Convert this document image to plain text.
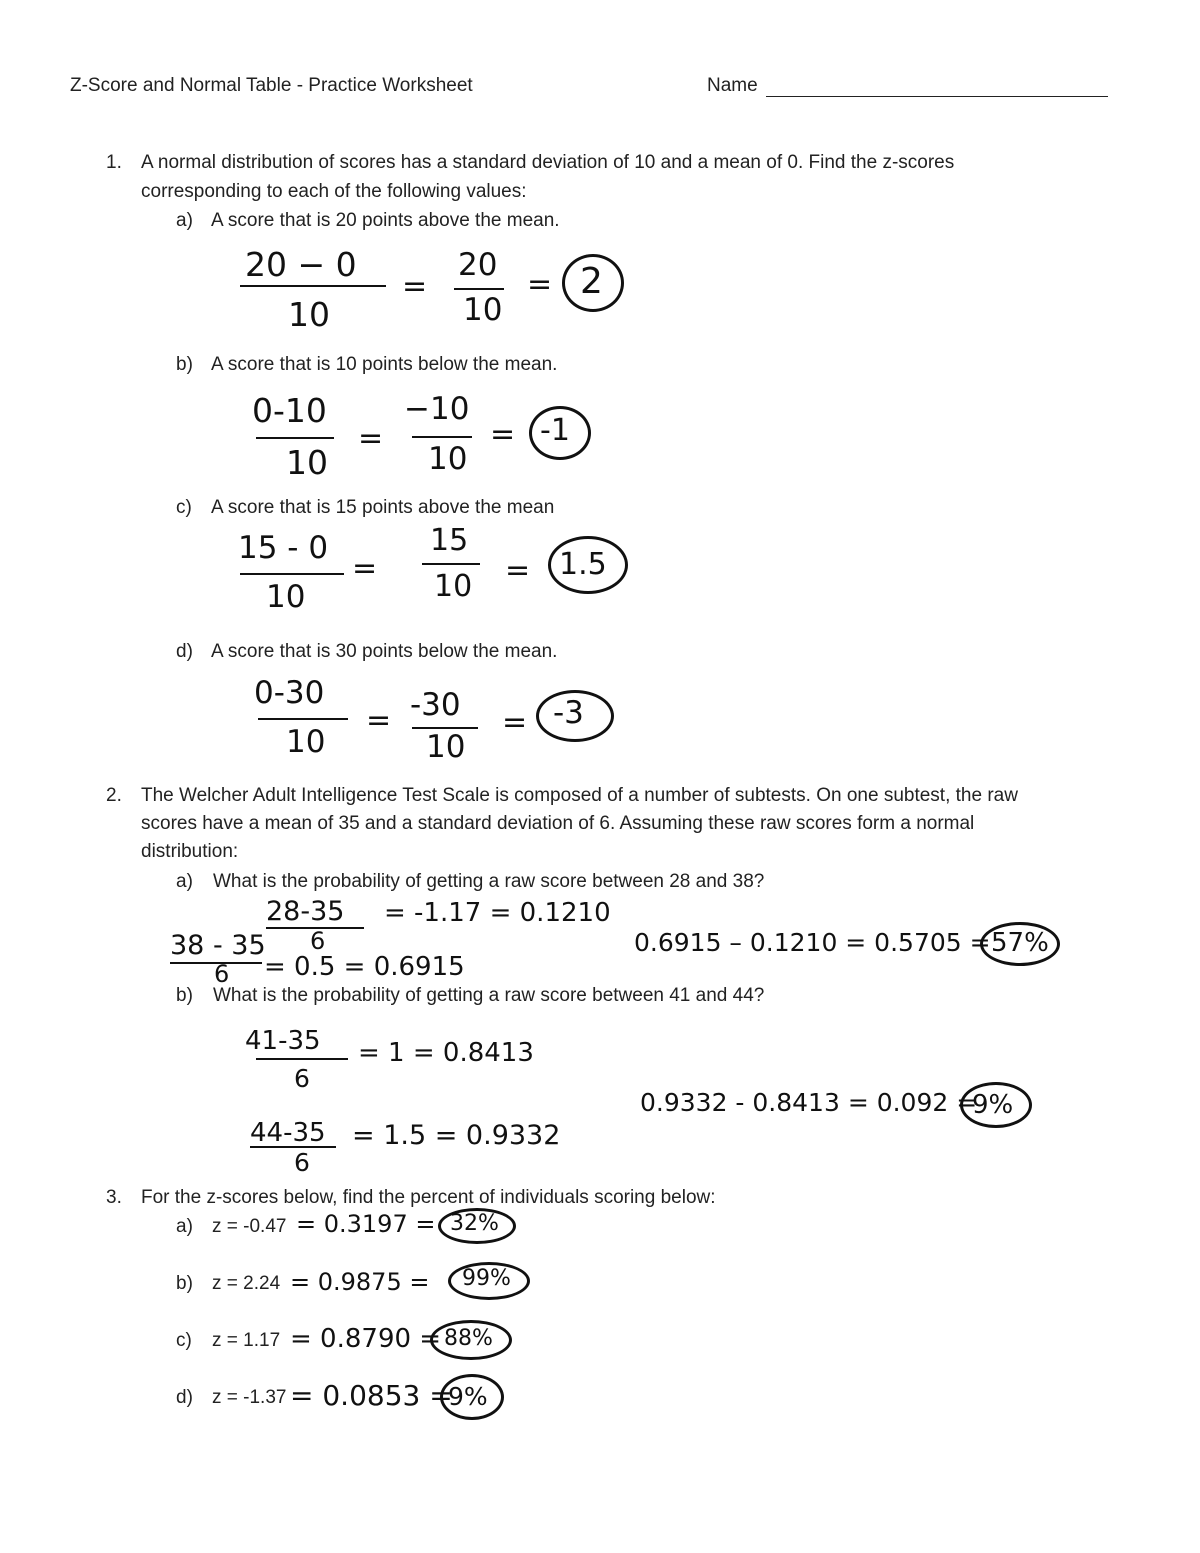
Z-Score and Normal Table - Practice Worksheet	Name
1. A normal distribution of scores has a standard deviation of 10 and a mean of 0. Find the z-scores
corresponding to each of the following values:
a) A score that is 20 points above the mean.
20 − 0
10
=
20
10
= 2
b) A score that is 10 points below the mean.
0-10
10
=
−10
10
= -1
c) A score that is 15 points above the mean
15 - 0
10
=
15
10 = 1.5
d) A score that is 30 points below the mean.
0-30
10
= -30
10
= -3
2. The Welcher Adult Intelligence Test Scale is composed of a number of subtests. On one subtest, the raw
scores have a mean of 35 and a standard deviation of 6. Assuming these raw scores form a normal
distribution:
a) What is the probability of getting a raw score between 28 and 38?
28-35
6
= -1.17 = 0.1210
38 - 35
6 = 0.5 = 0.6915
0.6915 – 0.1210 = 0.5705 = 57%
b) What is the probability of getting a raw score between 41 and 44?
41-35
6
= 1 = 0.8413
44-35
6
= 1.5 = 0.9332
0.9332 - 0.8413 = 0.092 =
9%
3. For the z-scores below, find the percent of individuals scoring below:
a) z = -0.47 = 0.3197 = 32%
b) z = 2.24 = 0.9875 = 99%
c) z = 1.17 = 0.8790 = 88%
d) z = -1.37 = 0.0853 =
9%
